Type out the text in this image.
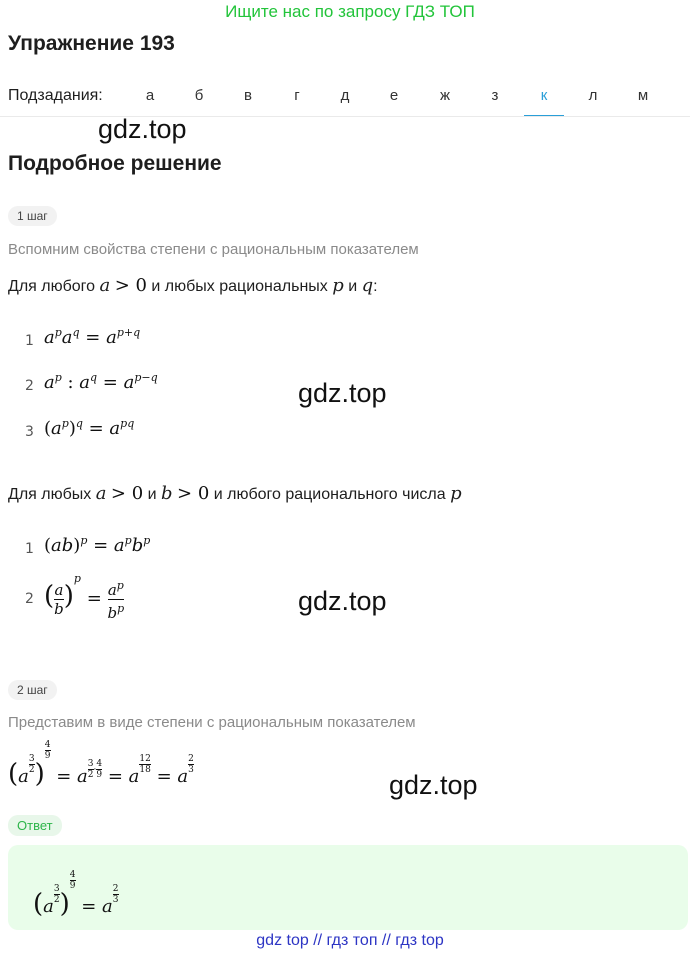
Ищите нас по запросу ГДЗ ТОП
Упражнение 193
Подзадания:	а	б	в	г	д	е	ж	з	к	л	м
gdz.top
Подробное решение
1 шаг
Вспомним свойства степени с рациональным показателем
Для любого a > 0 и любых рациональных p и q:
1 $a^pa^q = a^{p+q}$
2 $a^p$ : $a^q = a^{p-q}$
gdz.top
3 $(a^p)^q = a^{pq}$
Для любых a > 0 и b > 0 и любого рационального числа p
1 $(ab)^p = a^pb^p$
2 $(\frac{a}{b} )^p = a^p$

$b^p$	gdz.top
2 шаг
Представим в виде степени с рациональным показателем
(a
$\frac{3}{2}$ )
$\frac{4}{9}$
= a $^{\frac{3}{2} \cdot \frac{4}{9}}$ = a
$\frac{12}{18}$
= a
$\frac{2}{3}$
gdz.top
Ответ
(a
$\frac{3}{2}$ )
$\frac{4}{9}$
= a
$\frac{2}{3}$
gdz top // гдз топ // гдз top
